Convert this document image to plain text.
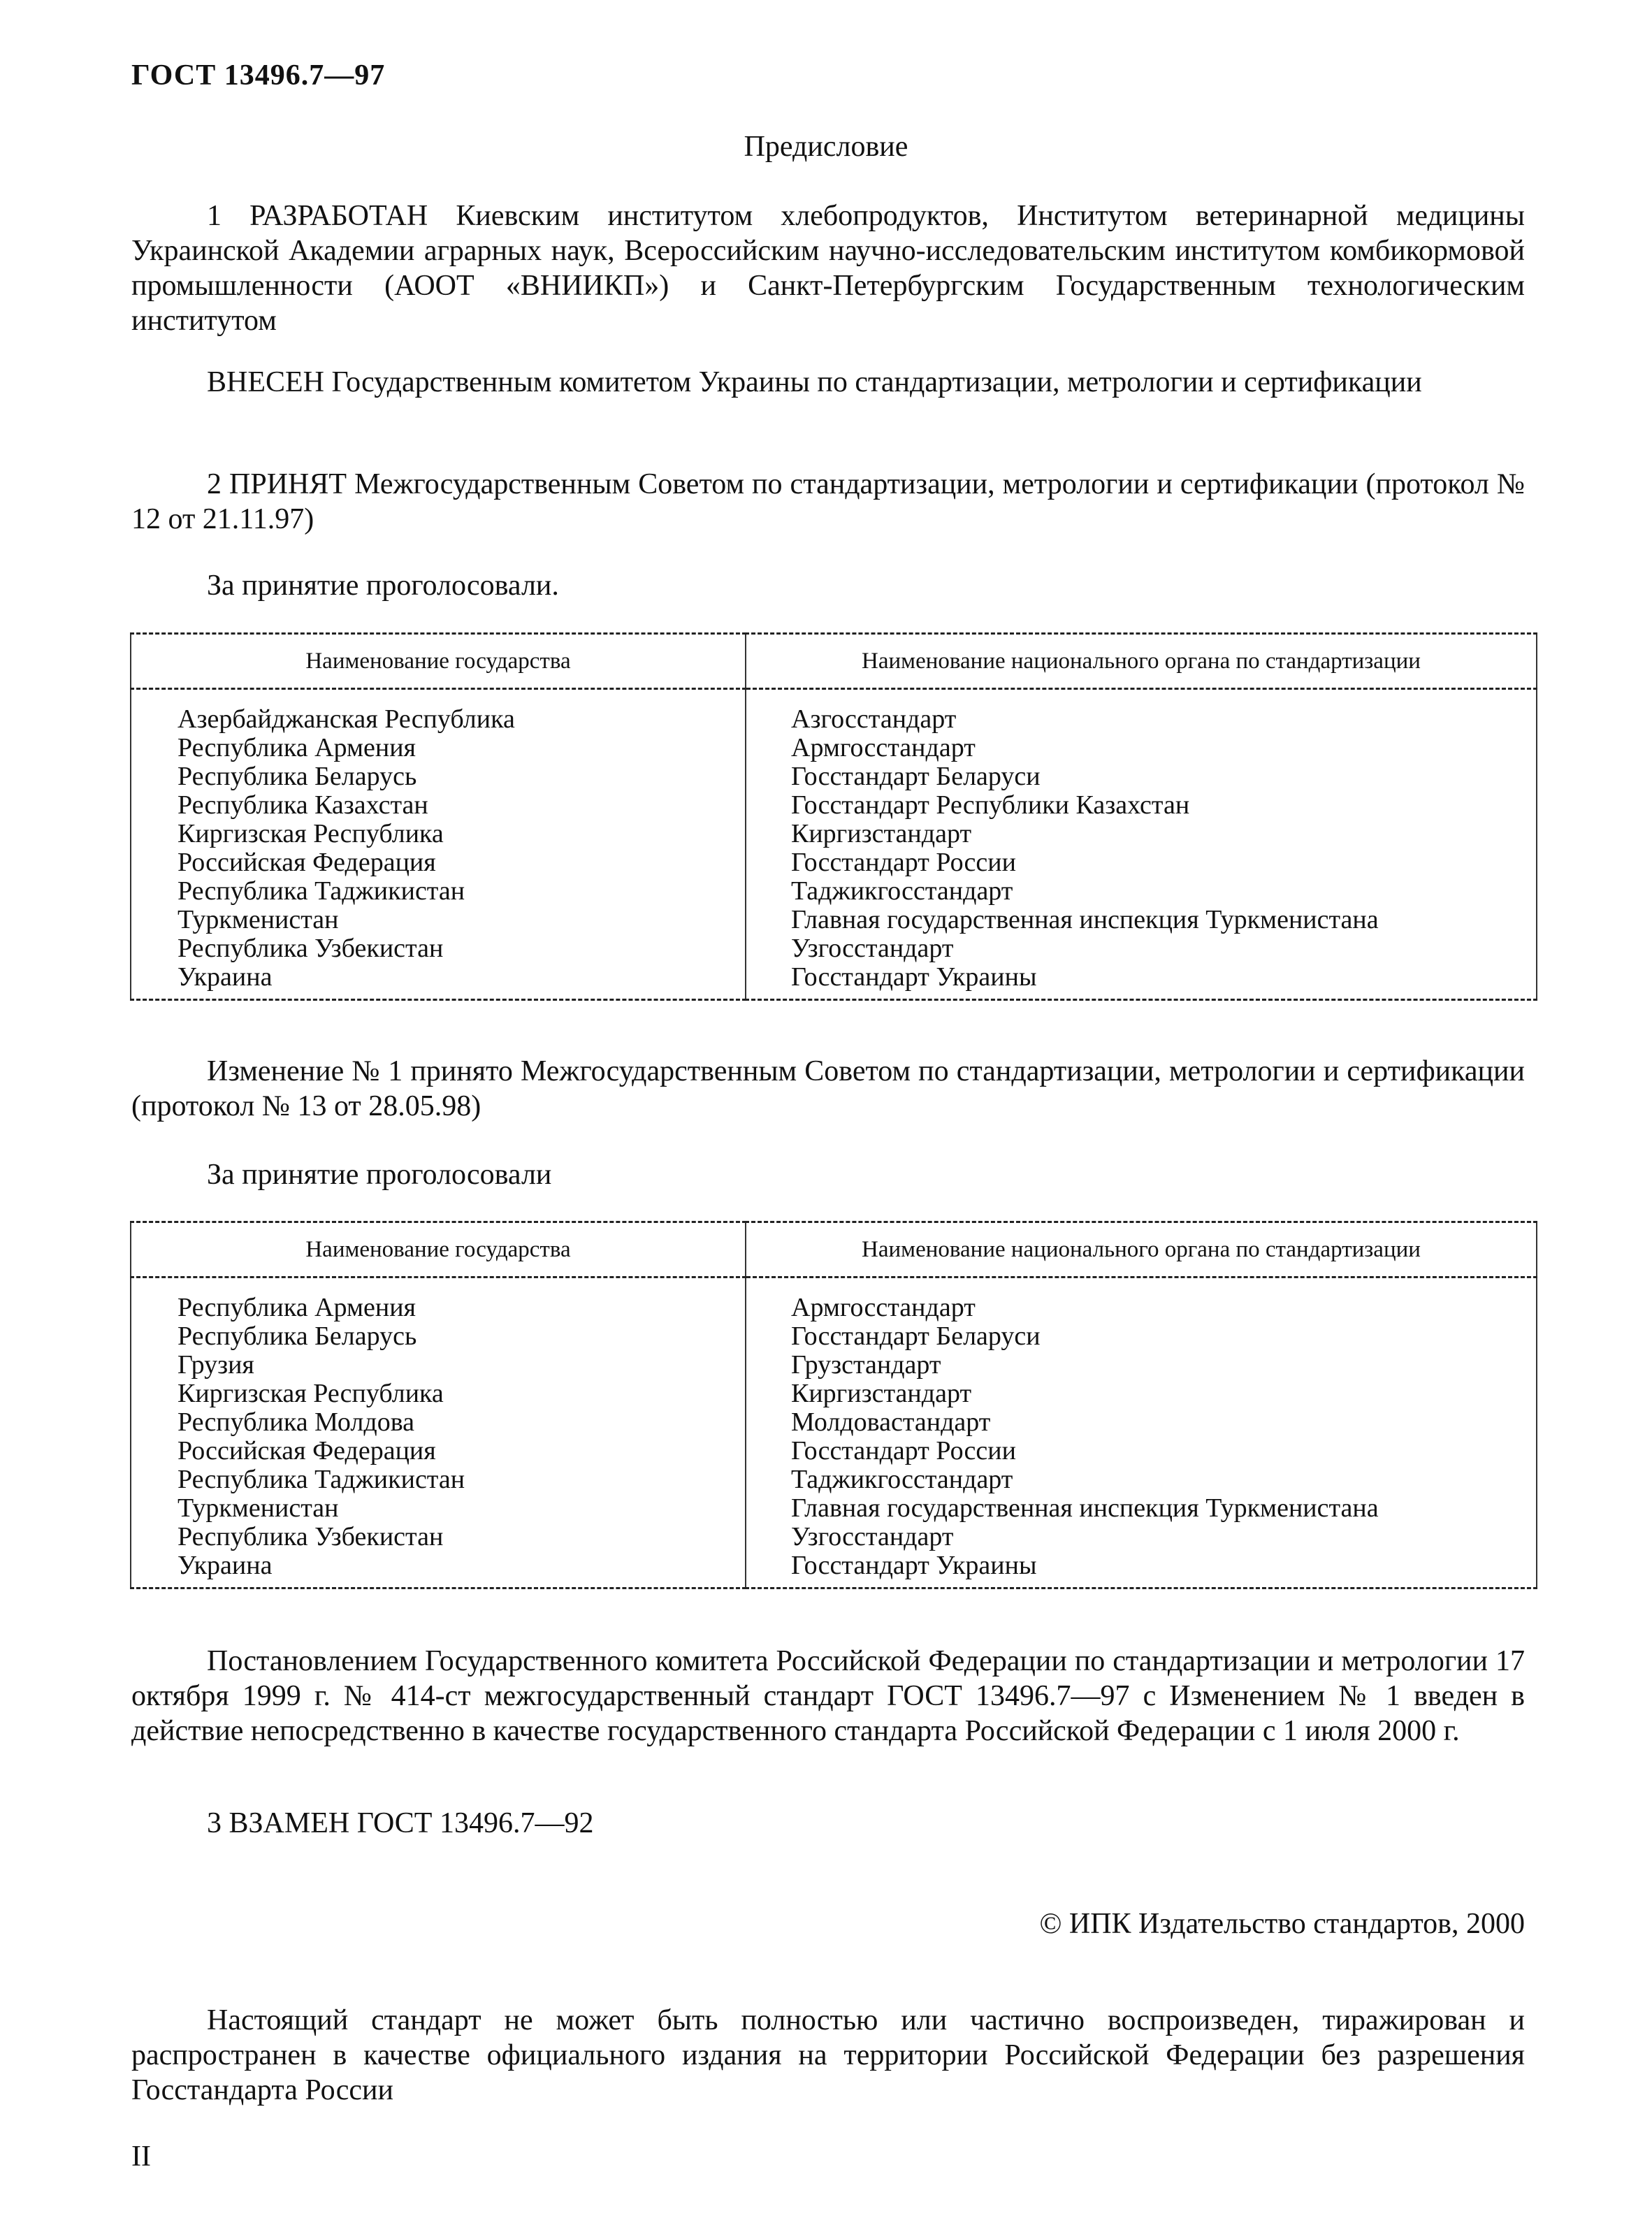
ГОСТ 13496.7—97
Предисловие
1 РАЗРАБОТАН Киевским институтом хлебопродуктов, Институтом ветеринарной медицины Украинской Академии аграрных наук, Всероссийским научно-исследовательским институтом комбикормовой промышленности (АООТ «ВНИИКП») и Санкт-Петербургским Государственным технологическим институтом
ВНЕСЕН Государственным комитетом Украины по стандартизации, метрологии и сертификации
2 ПРИНЯТ Межгосударственным Советом по стандартизации, метрологии и сертификации (протокол № 12 от 21.11.97)
За принятие проголосовали.
Наименование государства	Наименование национального органа по стандартизации
Азербайджанская Республика	Азгосстандарт
Республика Армения	Армгосстандарт
Республика Беларусь	Госстандарт Беларуси
Республика Казахстан	Госстандарт Республики Казахстан
Киргизская Республика	Киргизстандарт
Российская Федерация	Госстандарт России
Республика Таджикистан	Таджикгосстандарт
Туркменистан	Главная государственная инспекция Туркменистана
Республика Узбекистан	Узгосстандарт
Украина	Госстандарт Украины
Изменение № 1 принято Межгосударственным Советом по стандартизации, метрологии и сертификации (протокол № 13 от 28.05.98)
За принятие проголосовали
Наименование государства	Наименование национального органа по стандартизации
Республика Армения	Армгосстандарт
Республика Беларусь	Госстандарт Беларуси
Грузия	Грузстандарт
Киргизская Республика	Киргизстандарт
Республика Молдова	Молдовастандарт
Российская Федерация	Госстандарт России
Республика Таджикистан	Таджикгосстандарт
Туркменистан	Главная государственная инспекция Туркменистана
Республика Узбекистан	Узгосстандарт
Украина	Госстандарт Украины
Постановлением Государственного комитета Российской Федерации по стандартизации и метрологии 17 октября 1999 г. № 414-ст межгосударственный стандарт ГОСТ 13496.7—97 с Изменением № 1 введен в действие непосредственно в качестве государственного стандарта Российской Федерации с 1 июля 2000 г.
3 ВЗАМЕН ГОСТ 13496.7—92
© ИПК Издательство стандартов, 2000
Настоящий стандарт не может быть полностью или частично воспроизведен, тиражирован и распространен в качестве официального издания на территории Российской Федерации без разрешения Госстандарта России
II
